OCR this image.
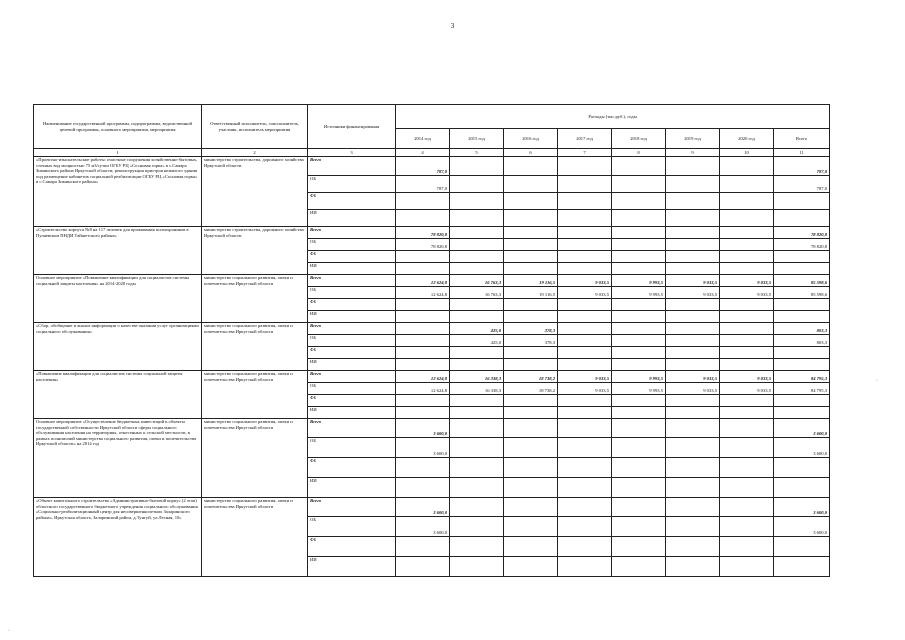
3
Наименование государственной программы, подпрограммы, ведомственной целевой программы, основного мероприятия, мероприятия	Ответственный исполнитель, соисполнитель, участник, исполнитель мероприятия	Источники финансирования	Расходы (тыс.руб.), годы							
			2014 год	2015 год	2016 год	2017 год	2018 год	2019 год	2020 год	Всего
1	2	3	4	5	6	7	8	9	10	11
«Проектно-изыскательские работы: очистные сооружения хозяйственно-бытовых, сточных вод мощностью 75 м3/сутки ОГБУ РЦ «Сосновая горка» в с.Самара Зиминского района Иркутской области; реконструкция пристроя нежилого здания под размещение кабинетов социальной реабилитации ОГБУ РЦ «Сосновая горка» в с.Самара Зиминского района»	министерство строительства, дорожного хозяйства Иркутской области	Всего	787,0							787,0
		ОБ	787,0							787,0
		ФБ								
		ИИ								
«Строительство корпуса №8 на 117 человек для проживания психохроников в Пуляевском ПНДИ Тайшетского района»	министерство строительства, дорожного хозяйства Иркутской области	Всего	78 820,8							78 820,8
		ОБ	78 820,8							78 820,8
		ФБ								
		ИИ								
Основное мероприятие «Повышение квалификации для социалистов системы социальной защиты населения» на 2014-2020 годы	министерство социального развития, опеки и попечительства Иркутской области	Всего	12 624,8	16 763,3	19 116,5	9 033,5	9 993,5	9 033,5	9 033,5	85 598,6
		ОБ	12 624,8	16 763,3	19 116,5	9 033,5	9 993,5	9 033,5	9 033,5	85 598,6
		ФБ								
		ИИ								
«Сбор, обобщение и анализ информации о качестве оказания услуг организациями социального обслуживания»	министерство социального развития, опеки и попечительства Иркутской области	Всего		425,0	378,3					803,3
		ОБ		425,0	378,3					803,3
		ФБ								
		ИИ								
«Повышение квалификации для социалистов системы социальной защиты населения»	министерство социального развития, опеки и попечительства Иркутской области	Всего	12 624,8	16 338,3	18 738,2	9 033,5	9 993,5	9 033,5	9 033,5	84 795,3
		ОБ	12 624,8	16 338,3	18 738,2	9 033,5	9 993,5	9 033,5	9 033,5	84 795,3
		ФБ								
		ИИ								
Основное мероприятие «Осуществление бюджетных инвестиций в объекты государственной собственности Иркутской области сферы социального обслуживания населения на территориях, отнесенных к сельской местности, в рамках полномочий министерства социального развития, опеки и попечительства Иркутской области» на 2014 год	министерство социального развития, опеки и попечительства Иркутской области	Всего	3 600,0							3 600,0
		ОБ	3 600,0							3 600,0
		ФБ								
		ИИ								
«Объект капитального строительства «Административно-бытовой корпус (2 этап) областного государственного бюджетного учреждения социального обслуживания «Социально-реабилитационный центр для несовершеннолетних Заларинского района», Иркутская область, Заларинский район, д.Тунгуй, ул.Лесная, 10»	министерство социального развития, опеки и попечительства Иркутской области	Всего	3 600,0							3 600,0
		ОБ	3 600,0							3 600,0
		ФБ								
		ИИ								
·
·
